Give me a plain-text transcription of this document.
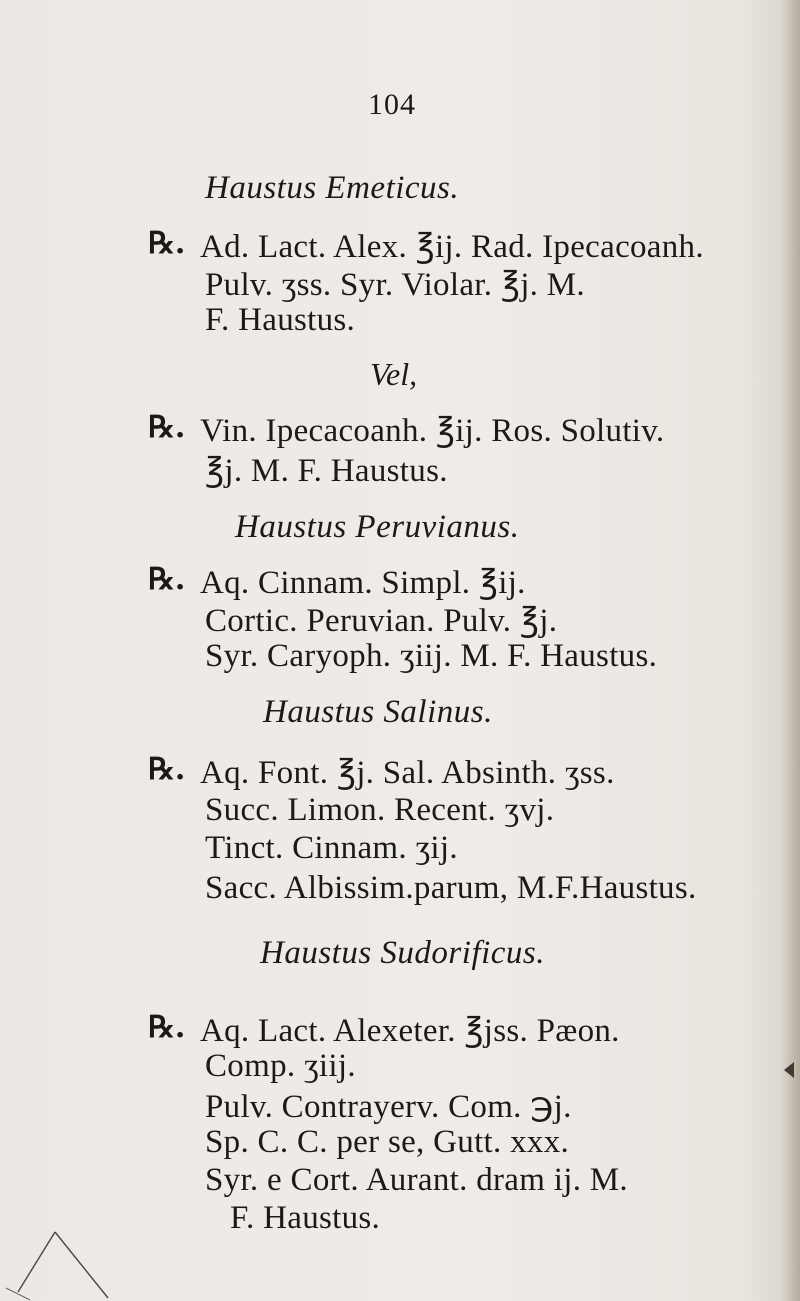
104
Haustus Emeticus.
℞. Ad. Lact. Alex. ℥ij. Rad. Ipecacoanh.
Pulv. ʒss. Syr. Violar. ℥j. M.
F. Haustus.
Vel,
℞. Vin. Ipecacoanh. ℥ij. Ros. Solutiv.
℥j. M. F. Haustus.
Haustus Peruvianus.
℞. Aq. Cinnam. Simpl. ℥ij.
Cortic. Peruvian. Pulv. ℥j.
Syr. Caryoph. ʒiij. M. F. Haustus.
Haustus Salinus.
℞. Aq. Font. ℥j. Sal. Absinth. ʒss.
Succ. Limon. Recent. ʒvj.
Tinct. Cinnam. ʒij.
Sacc. Albissim.parum, M.F.Haustus.
Haustus Sudorificus.
℞. Aq. Lact. Alexeter. ℥jss. Pæon.
Comp. ʒiij.
Pulv. Contrayerv. Com. ℈j.
Sp. C. C. per se, Gutt. xxx.
Syr. e Cort. Aurant. dram ij. M.
F. Haustus.
